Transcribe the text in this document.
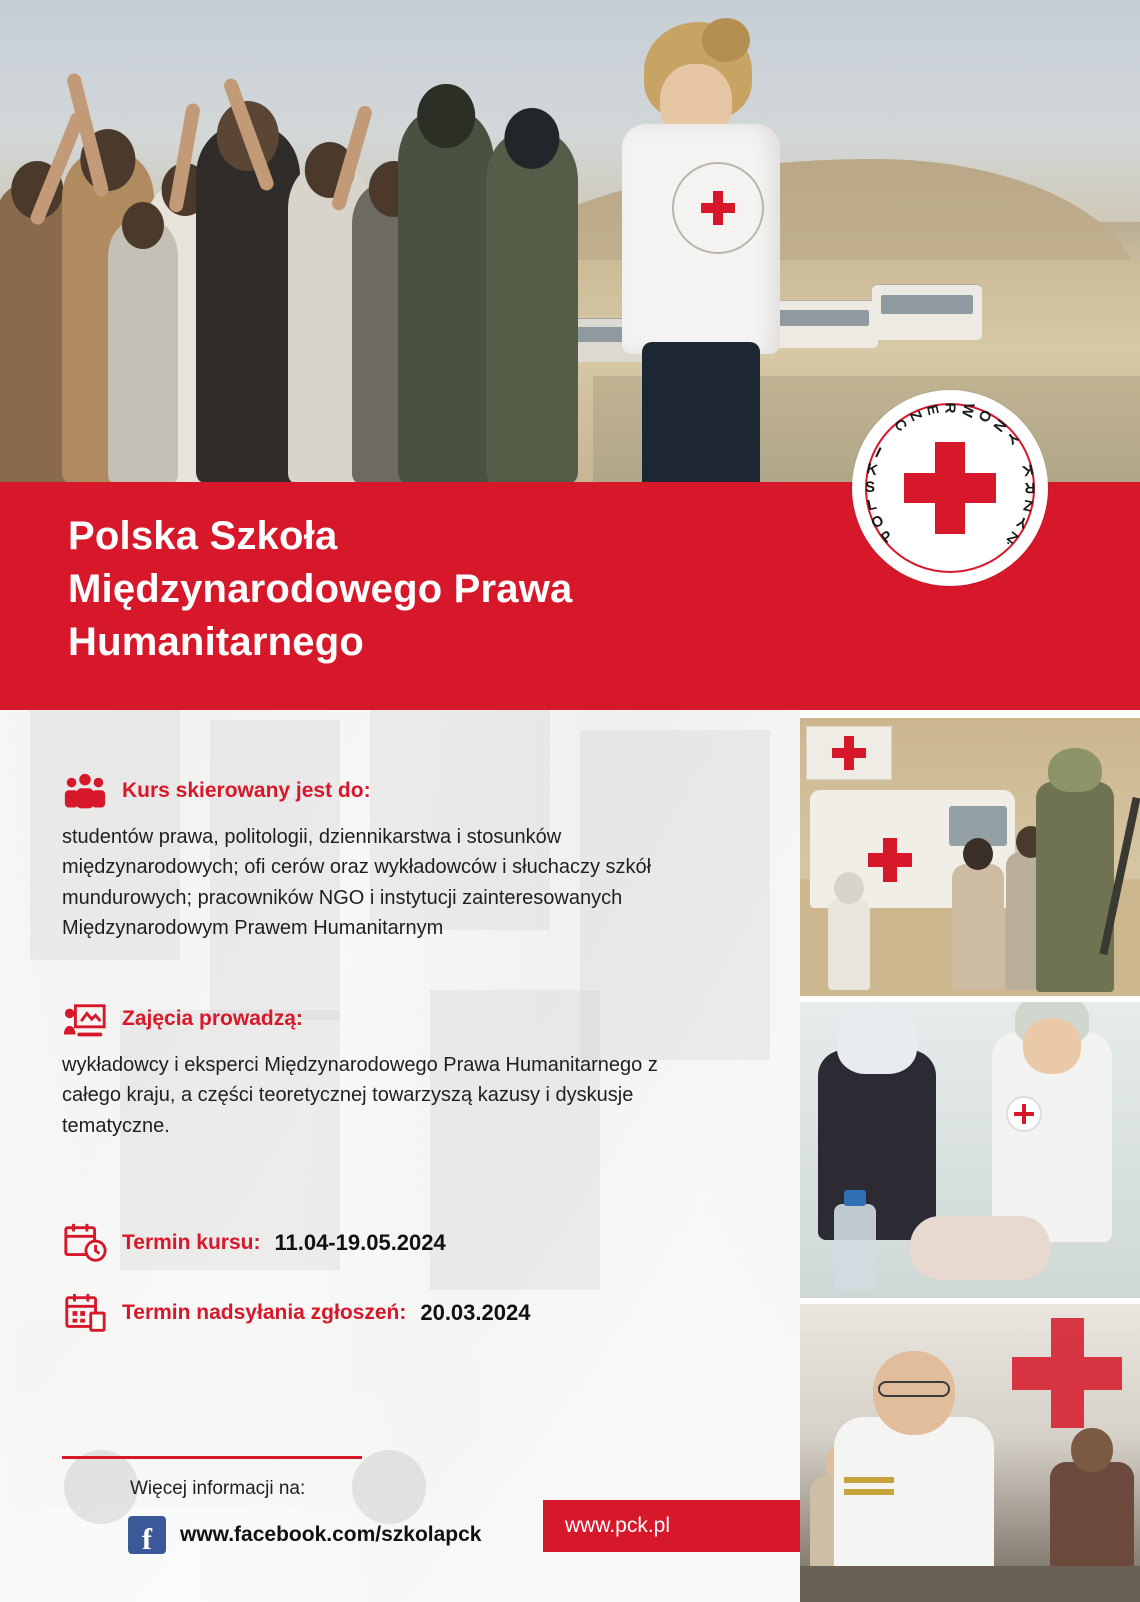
Polska Szkoła
Międzynarodowego Prawa
Humanitarnego
P
O
L
S
K
I
C
Z
E R W
O
N
Y
K
R
Z
Y
Ż
Kurs skierowany jest do:
studentów prawa, politologii, dziennikarstwa i stosunków międzynarodowych; ofi cerów oraz wykładowców i słuchaczy szkół mundurowych; pracowników NGO i instytucji zainteresowanych Międzynarodowym Prawem Humanitarnym
Zajęcia prowadzą:
wykładowcy i eksperci Międzynarodowego Prawa Humanitarnego z całego kraju, a części teoretycznej towarzyszą kazusy i dyskusje tematyczne.
Termin kursu: 11.04-19.05.2024
Termin nadsyłania zgłoszeń: 20.03.2024
Więcej informacji na:
f	www.facebook.com/szkolapck	www.pck.pl
